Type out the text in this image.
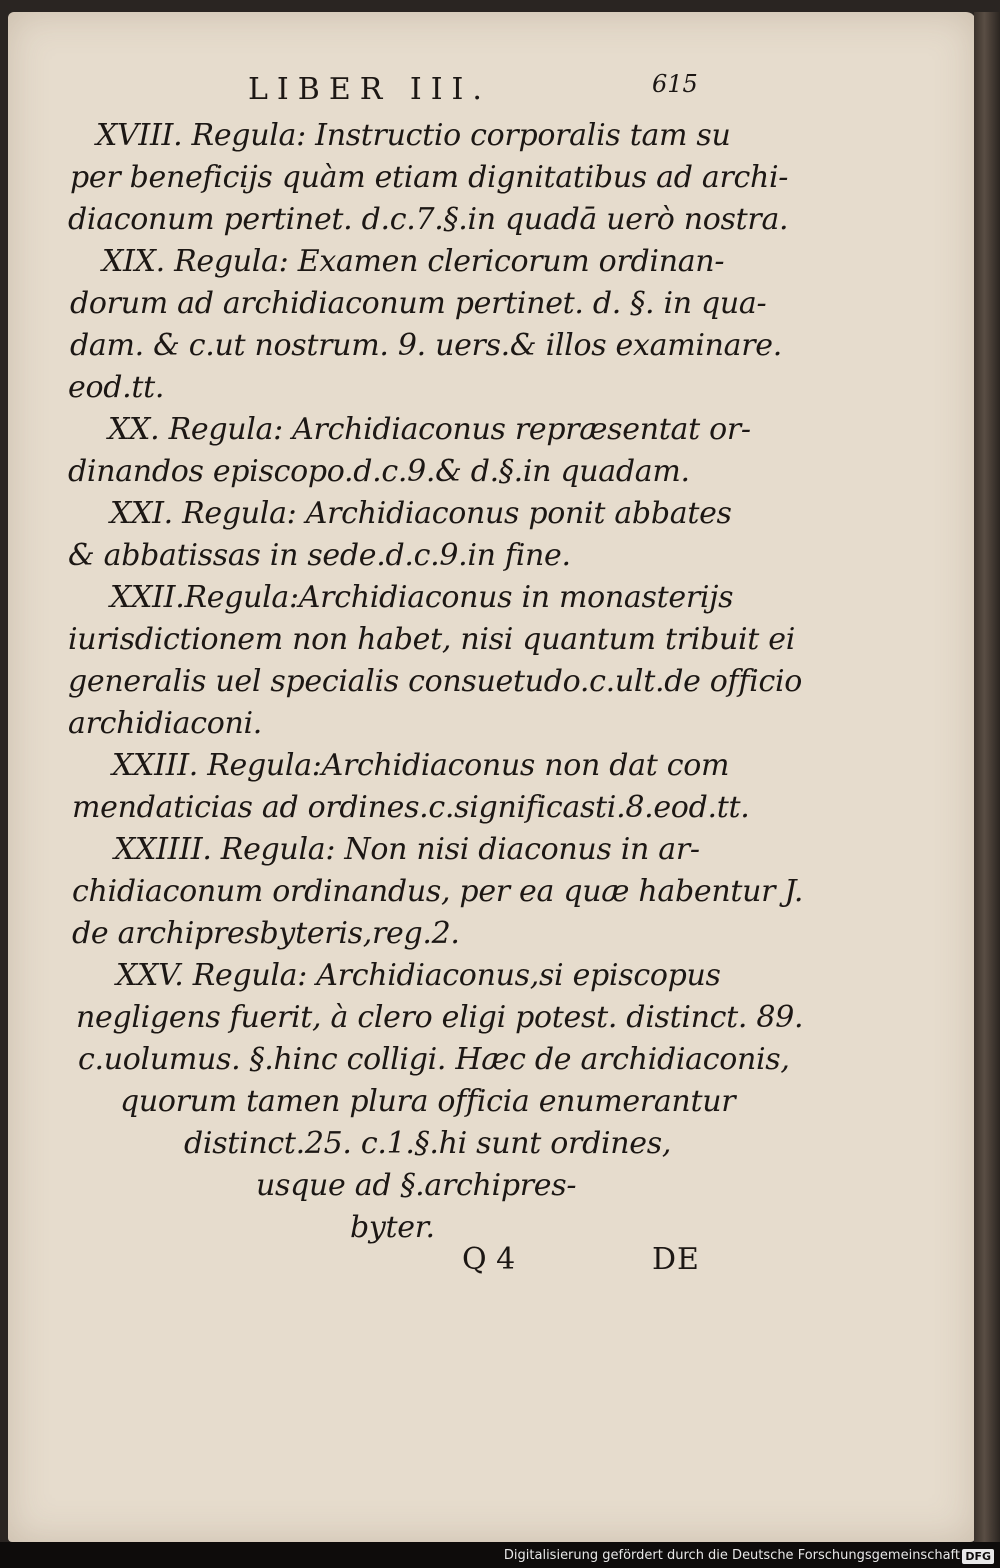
LIBER III.	615
XVIII. Regula: Instructio corporalis tam su
per beneficijs quàm etiam dignitatibus ad archi-
diaconum pertinet. d.c.7.§.in quadā uerò nostra.
XIX. Regula: Examen clericorum ordinan-
dorum ad archidiaconum pertinet. d. §. in qua-
dam. & c.ut nostrum. 9. uers.& illos examinare.
eod.tt.
XX. Regula: Archidiaconus repræsentat or-
dinandos episcopo.d.c.9.& d.§.in quadam.
XXI. Regula: Archidiaconus ponit abbates
& abbatissas in sede.d.c.9.in fine.
XXII.Regula:Archidiaconus in monasterijs
iurisdictionem non habet, nisi quantum tribuit ei
generalis uel specialis consuetudo.c.ult.de officio
archidiaconi.
XXIII. Regula:Archidiaconus non dat com
mendaticias ad ordines.c.significasti.8.eod.tt.
XXIIII. Regula: Non nisi diaconus in ar-
chidiaconum ordinandus, per ea quæ habentur J.
de archipresbyteris,reg.2.
XXV. Regula: Archidiaconus,si episcopus
negligens fuerit, à clero eligi potest. distinct. 89.
c.uolumus. §.hinc colligi. Hæc de archidiaconis,
quorum tamen plura officia enumerantur
distinct.25. c.1.§.hi sunt ordines,
usque ad §.archipres-
byter.
Q 4	DE
Digitalisierung gefördert durch die Deutsche Forschungsgemeinschaft DFG
